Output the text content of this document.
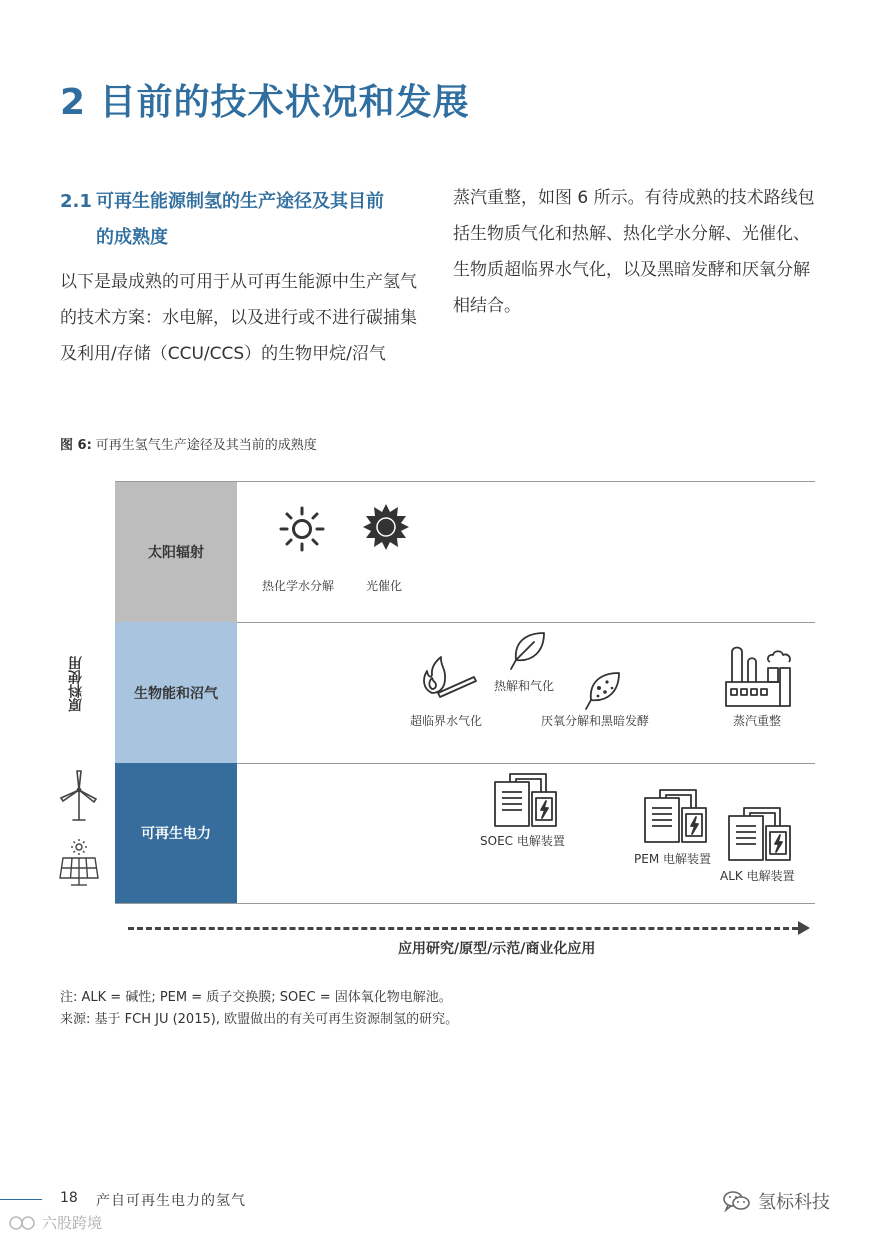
2 目前的技术状况和发展
2.1 可再生能源制氢的生产途径及其目前
的成熟度
以下是最成熟的可用于从可再生能源中生产氢气的技术方案：水电解，以及进行或不进行碳捕集及利用/存储（CCU/CCS）的生物甲烷/沼气
蒸汽重整，如图 6 所示。有待成熟的技术路线包括生物质气化和热解、热化学水分解、光催化、生物质超临界水气化，以及黑暗发酵和厌氧分解相结合。
图 6: 可再生氢气生产途径及其当前的成熟度
太阳辐射
生物能和沼气
可再生电力
原料使用
热化学水分解	光催化
超临界水气化
热解和气化
厌氧分解和黑暗发酵	蒸汽重整
SOEC 电解装置
PEM 电解装置
ALK 电解装置
应用研究/原型/示范/商业化应用
注: ALK = 碱性; PEM = 质子交换膜; SOEC = 固体氧化物电解池。
来源: 基于 FCH JU (2015), 欧盟做出的有关可再生资源制氢的研究。
18 产自可再生电力的氢气	氢标科技
六股跨境
